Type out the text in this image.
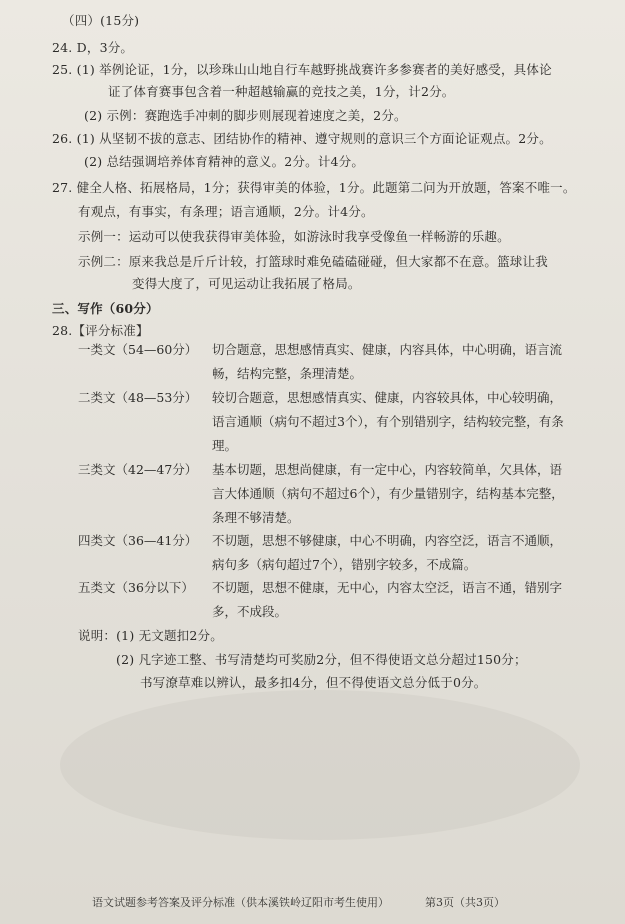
（四）(15分)
24. D，3分。
25. (1) 举例论证，1分，以珍珠山山地自行车越野挑战赛许多参赛者的美好感受，具体论
证了体育赛事包含着一种超越输赢的竞技之美，1分，计2分。
(2) 示例：赛跑选手冲刺的脚步则展现着速度之美，2分。
26. (1) 从坚韧不拔的意志、团结协作的精神、遵守规则的意识三个方面论证观点。2分。
(2) 总结强调培养体育精神的意义。2分。计4分。
27. 健全人格、拓展格局，1分；获得审美的体验，1分。此题第二问为开放题，答案不唯一。
有观点，有事实，有条理；语言通顺，2分。计4分。
示例一：运动可以使我获得审美体验，如游泳时我享受像鱼一样畅游的乐趣。
示例二：原来我总是斤斤计较，打篮球时难免磕磕碰碰，但大家都不在意。篮球让我
变得大度了，可见运动让我拓展了格局。
三、写作（60分）
28.【评分标准】
一类文（54—60分） 切合题意，思想感情真实、健康，内容具体，中心明确，语言流畅，结构完整，条理清楚。
二类文（48—53分） 较切合题意，思想感情真实、健康，内容较具体，中心较明确，语言通顺（病句不超过3个），有个别错别字，结构较完整，有条理。
三类文（42—47分） 基本切题，思想尚健康，有一定中心，内容较简单，欠具体，语言大体通顺（病句不超过6个），有少量错别字，结构基本完整，条理不够清楚。
四类文（36—41分） 不切题，思想不够健康，中心不明确，内容空泛，语言不通顺，病句多（病句超过7个），错别字较多，不成篇。
五类文（36分以下） 不切题，思想不健康，无中心，内容太空泛，语言不通，错别字多，不成段。
说明：(1) 无文题扣2分。
(2) 凡字迹工整、书写清楚均可奖励2分，但不得使语文总分超过150分；
书写潦草难以辨认，最多扣4分，但不得使语文总分低于0分。
语文试题参考答案及评分标准（供本溪铁岭辽阳市考生使用）	第3页（共3页）
